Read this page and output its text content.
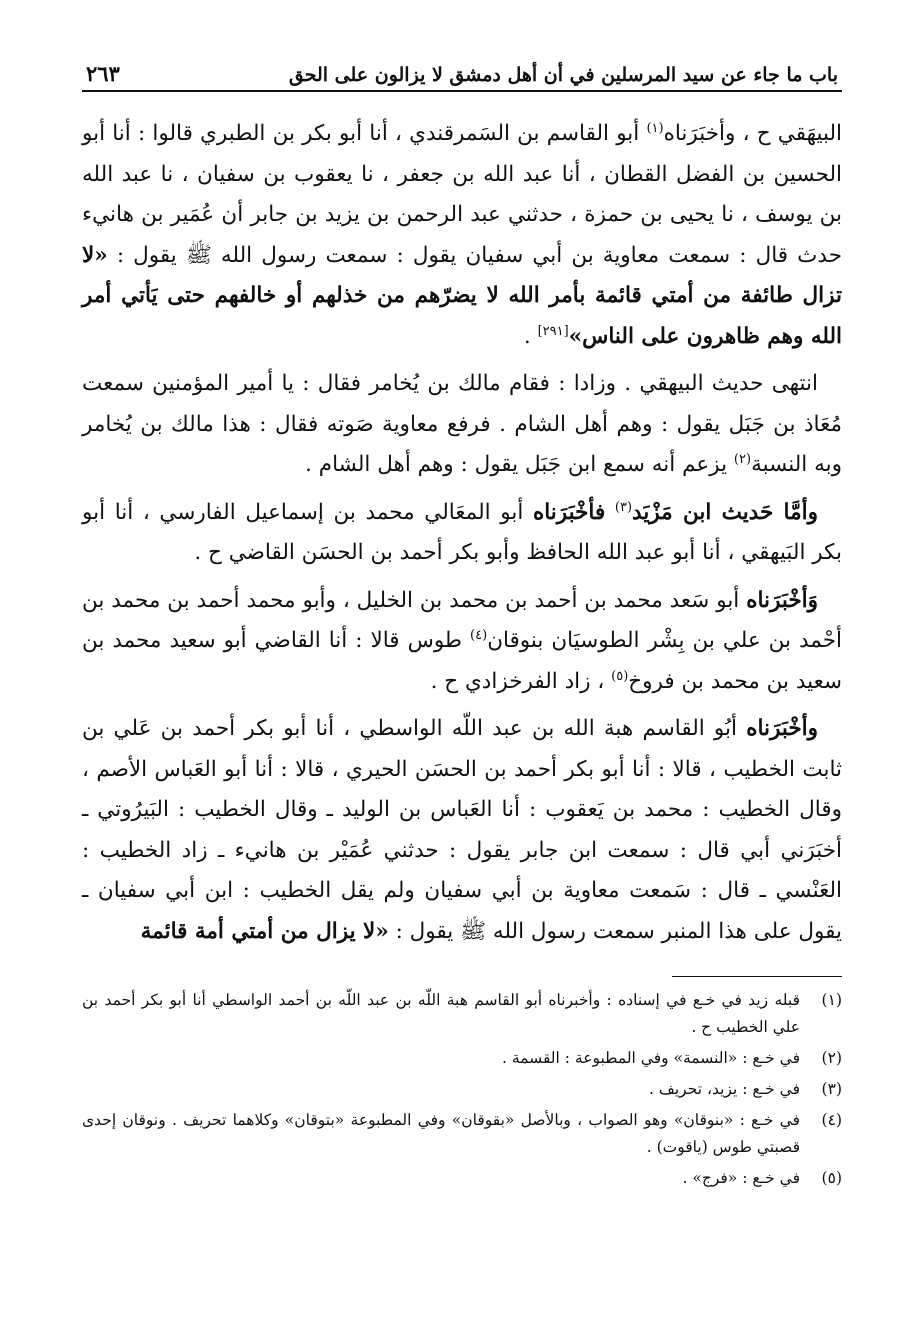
باب ما جاء عن سيد المرسلين في أن أهل دمشق لا يزالون على الحق
٢٦٣

البيهَقي ح ، وأخبَرَناه$^{(١)}$ أبو القاسم بن السَمرقندي ، أنا أبو بكر بن الطبري قالوا : أنا أبو الحسين بن الفضل القطان ، أنا عبد الله بن جعفر ، نا يعقوب بن سفيان ، نا عبد الله بن يوسف ، نا يحيى بن حمزة ، حدثني عبد الرحمن بن يزيد بن جابر أن عُمَير بن هانيء حدث قال : سمعت معاوية بن أبي سفيان يقول : سمعت رسول الله ﷺ يقول : «لا تزال طائفة من أمتي قائمة بأمر الله لا يضرّهم من خذلهم أو خالفهم حتى يَأتي أمر الله وهم ظاهرون على الناس»[٢٩١] .

انتهى حديث البيهقي . وزادا : فقام مالك بن يُخامر فقال : يا أمير المؤمنين سمعت مُعَاذ بن جَبَل يقول : وهم أهل الشام . فرفع معاوية صَوته فقال : هذا مالك بن يُخامر وبه النسبة$^{(٢)}$ يزعم أنه سمع ابن جَبَل يقول : وهم أهل الشام .

وأمَّا حَديث ابن مَزْيَد$^{(٣)}$ فأخْبَرَناه أبو المعَالي محمد بن إسماعيل الفارسي ، أنا أبو بكر البَيهقي ، أنا أبو عبد الله الحافظ وأبو بكر أحمد بن الحسَن القاضي ح .

وَأخْبَرَناه أبو سَعد محمد بن أحمد بن محمد بن الخليل ، وأبو محمد أحمد بن محمد بن أحْمد بن علي بن بِشْر الطوسيَان بنوقان$^{(٤)}$ طوس قالا : أنا القاضي أبو سعيد محمد بن سعيد بن محمد بن فروخ$^{(٥)}$ ، زاد الفرخزادي ح .

وأخْبَرَناه أبُو القاسم هبة الله بن عبد اللّه الواسطي ، أنا أبو بكر أحمد بن عَلي بن ثابت الخطيب ، قالا : أنا أبو بكر أحمد بن الحسَن الحيري ، قالا : أنا أبو العَباس الأصم ، وقال الخطيب : محمد بن يَعقوب : أنا العَباس بن الوليد ـ وقال الخطيب : البَيرُوتي ـ أخبَرَني أبي قال : سمعت ابن جابر يقول : حدثني عُمَيْر بن هانيء ـ زاد الخطيب : العَنْسي ـ قال : سَمعت معاوية بن أبي سفيان ولم يقل الخطيب : ابن أبي سفيان ـ يقول على هذا المنبر سمعت رسول الله ﷺ يقول : «لا يزال من أمتي أمة قائمة

(١)
قبله زيد في خـع في إسناده : وأخبرناه أبو القاسم هبة اللّه بن عبد اللّه بن أحمد الواسطي أنا أبو بكر أحمد بن علي الخطيب ح .
(٢)
في خـع : «النسمة» وفي المطبوعة : القسمة .
(٣)
في خـع : يزيد، تحريف .
(٤)
في خـع : «بنوقان» وهو الصواب ، وبالأصل «بقوقان» وفي المطبوعة «بتوقان» وكلاهما تحريف . ونوقان إحدى قصبتي طوس (ياقوت) .
(٥)
في خـع : «فرج» .
